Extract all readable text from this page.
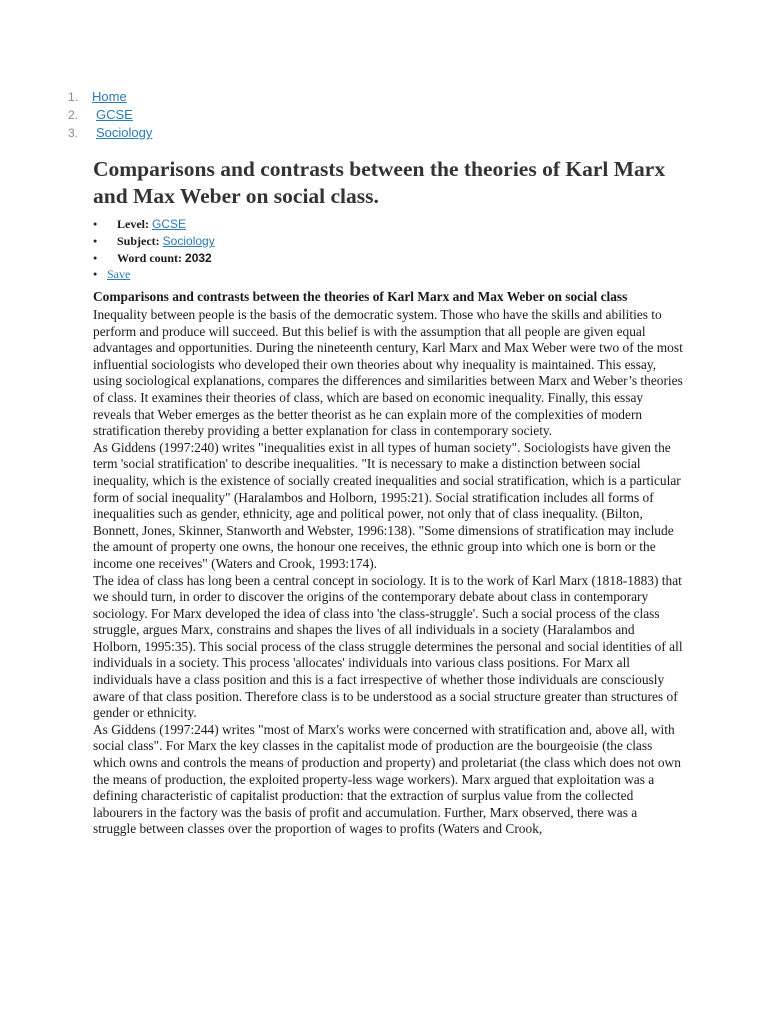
1.	Home
2.	GCSE
3.	Sociology
Comparisons and contrasts between the theories of Karl Marx and Max Weber on social class.
● Level: GCSE
● Subject: Sociology
● Word count: 2032
● Save
Comparisons and contrasts between the theories of Karl Marx and Max Weber on social class

Inequality between people is the basis of the democratic system. Those who have the skills and abilities to perform and produce will succeed. But this belief is with the assumption that all people are given equal advantages and opportunities. During the nineteenth century, Karl Marx and Max Weber were two of the most influential sociologists who developed their own theories about why inequality is maintained. This essay, using sociological explanations, compares the differences and similarities between Marx and Weber’s theories of class. It examines their theories of class, which are based on economic inequality. Finally, this essay reveals that Weber emerges as the better theorist as he can explain more of the complexities of modern stratification thereby providing a better explanation for class in contemporary society.

As Giddens (1997:240) writes "inequalities exist in all types of human society". Sociologists have given the term 'social stratification' to describe inequalities. "It is necessary to make a distinction between social inequality, which is the existence of socially created inequalities and social stratification, which is a particular form of social inequality" (Haralambos and Holborn, 1995:21). Social stratification includes all forms of inequalities such as gender, ethnicity, age and political power, not only that of class inequality. (Bilton, Bonnett, Jones, Skinner, Stanworth and Webster, 1996:138). "Some dimensions of stratification may include the amount of property one owns, the honour one receives, the ethnic group into which one is born or the income one receives" (Waters and Crook, 1993:174).

The idea of class has long been a central concept in sociology. It is to the work of Karl Marx (1818-1883) that we should turn, in order to discover the origins of the contemporary debate about class in contemporary sociology. For Marx developed the idea of class into 'the class-struggle'. Such a social process of the class struggle, argues Marx, constrains and shapes the lives of all individuals in a society (Haralambos and Holborn, 1995:35). This social process of the class struggle determines the personal and social identities of all individuals in a society. This process 'allocates' individuals into various class positions. For Marx all individuals have a class position and this is a fact irrespective of whether those individuals are consciously aware of that class position. Therefore class is to be understood as a social structure greater than structures of gender or ethnicity.

As Giddens (1997:244) writes "most of Marx's works were concerned with stratification and, above all, with social class". For Marx the key classes in the capitalist mode of production are the bourgeoisie (the class which owns and controls the means of production and property) and proletariat (the class which does not own the means of production, the exploited property-less wage workers). Marx argued that exploitation was a defining characteristic of capitalist production: that the extraction of surplus value from the collected labourers in the factory was the basis of profit and accumulation. Further, Marx observed, there was a struggle between classes over the proportion of wages to profits (Waters and Crook,
